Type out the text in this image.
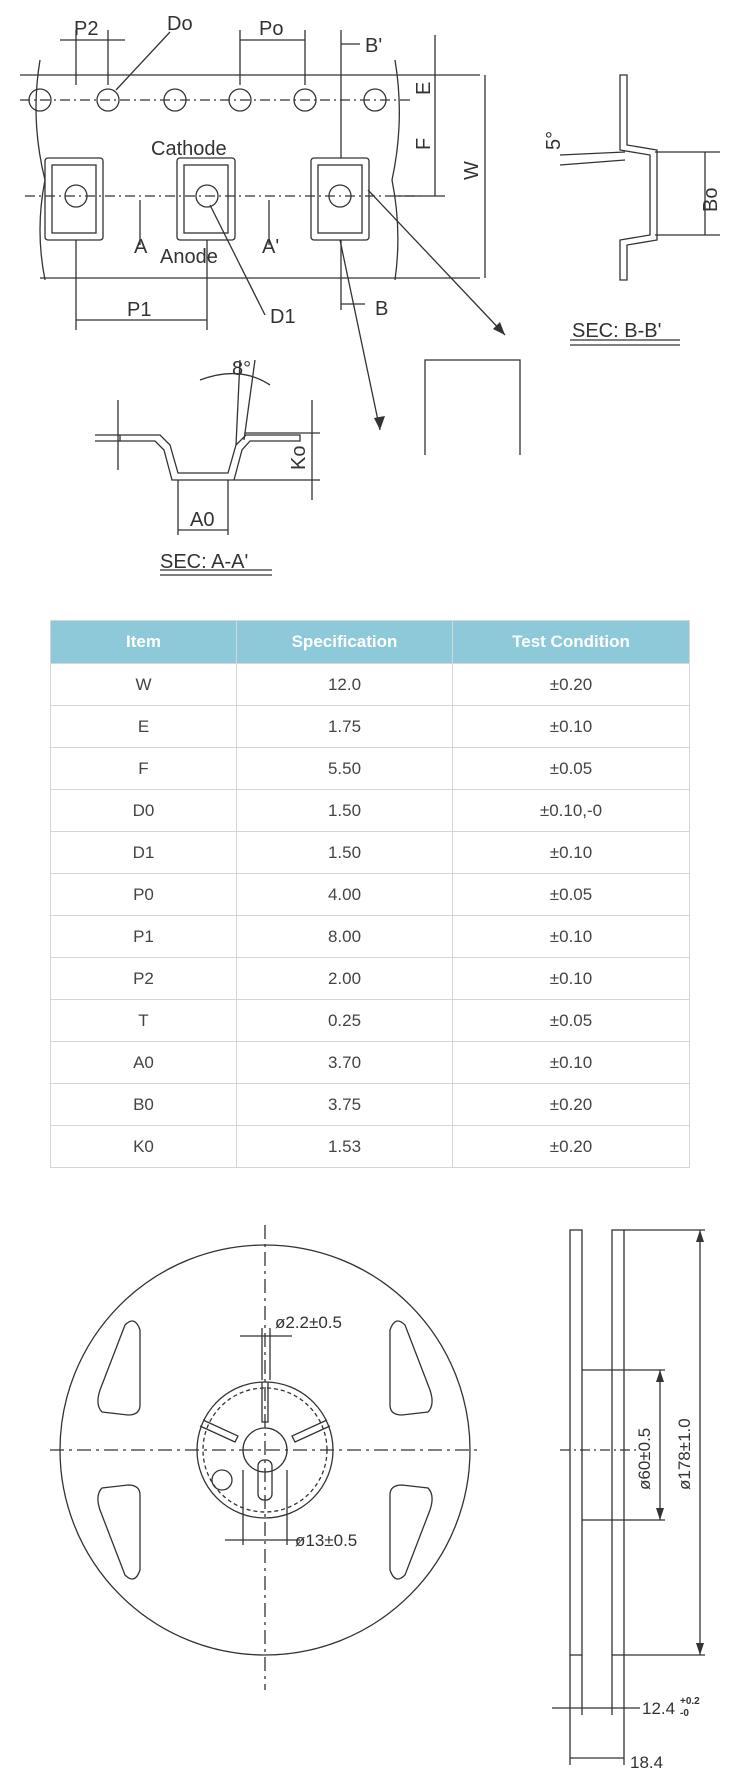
P2	Do	Po
B'
E
F
W
Cathode
Anode
A	A'
P1	D1	B
5°
Bo
SEC: B-B'
8°
Ko
A0
SEC: A-A'
Item	Specification	Test Condition
W	12.0	±0.20
E	1.75	±0.10
F	5.50	±0.05
D0	1.50	±0.10,-0
D1	1.50	±0.10
P0	4.00	±0.05
P1	8.00	±0.10
P2	2.00	±0.10
T	0.25	±0.05
A0	3.70	±0.10
B0	3.75	±0.20
K0	1.53	±0.20
ø2.2±0.5
ø13±0.5
ø60±0.5 ø178±1.0
12.4
18.4
+0.2
-0
